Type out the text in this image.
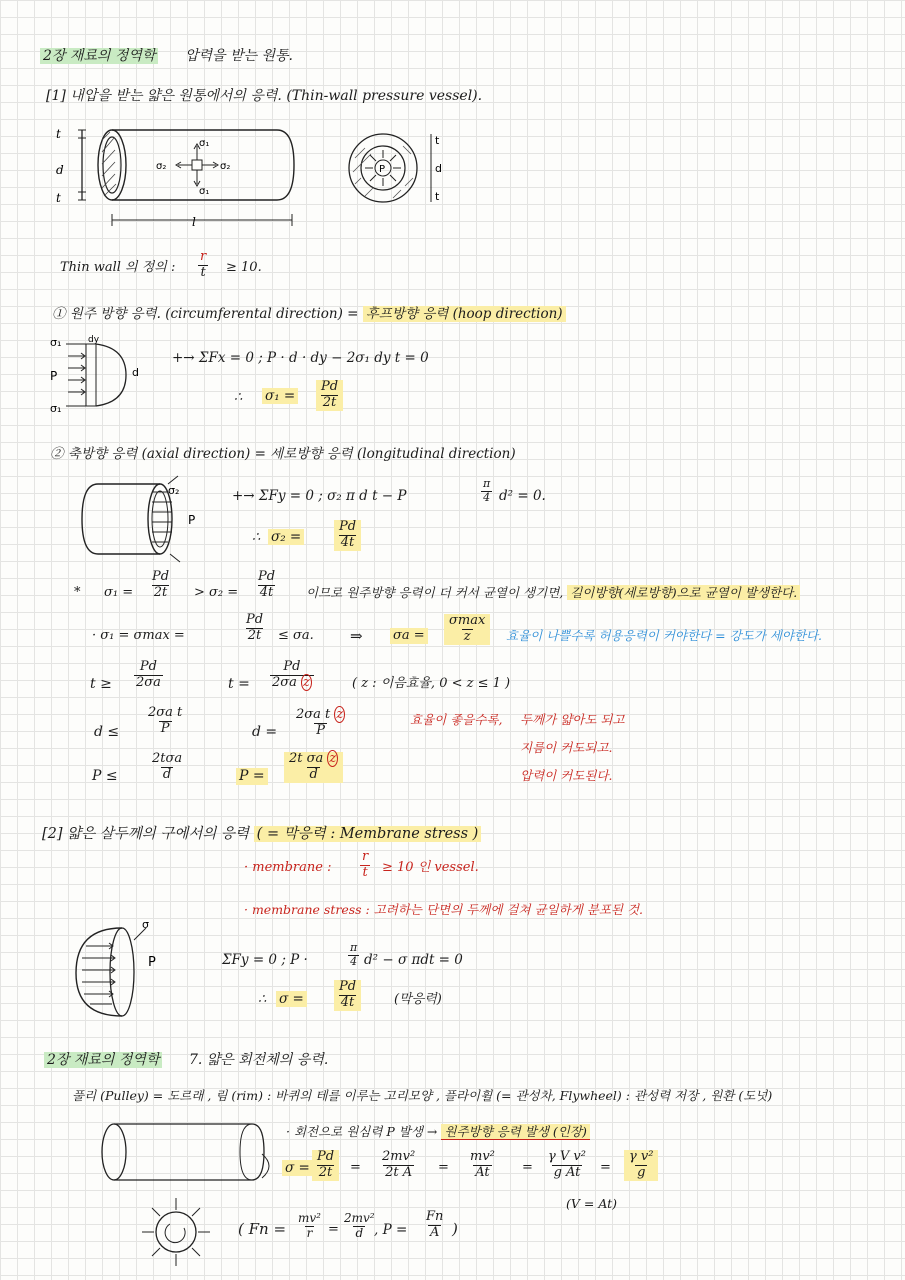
2장 재료의 정역학 압력을 받는 원통.
[1] 내압을 받는 얇은 원통에서의 응력. (Thin-wall pressure vessel).
t
d
t
σ₁
σ₁
σ₂
σ₂
l
P
t
d
t
Thin wall 의 정의 : $\frac{r}{t} \ge 10$.
① 원주 방향 응력. (circumferental direction) = 후프방향 응력 (hoop direction)
σ₁
P
σ₁
dy
d
+→ ΣFx = 0 ; P · d · dy − 2σ₁ dy t = 0
∴ $\sigma_1 = \frac{Pd}{2t}$
② 축방향 응력 (axial direction) = 세로방향 응력 (longitudinal direction)
σ₂
P
+→ ΣFy = 0 ; σ₂ π d t − P	$\frac{\pi}{4} d^2 = 0$.
∴ σ₂ =	$\frac{Pd}{4t}$
* $\sigma_1 = \frac{Pd}{2t} > \sigma_2 = \frac{Pd}{4t}$ 이므로 원주방향 응력이 더 커서 균열이 생기면, 길이방향(세로방향)으로 균열이 발생한다.
· σ₁ = σmax =	$\frac{Pd}{2t} \le \sigma a$. ⇒ σa =
σmax
z	효율이 나쁠수록 허용응력이 커야한다 = 강도가 세야한다.
$t \ge \frac{Pd}{2\sigma a}$	$t = \frac{Pd}{\text{2σa z}}$	( z : 이음효율, 0 < z ≤ 1 )
$d \le \frac{\text{2σa t}}{P}$	$d = \frac{\text{2σa t z}}{P}$
P ≤
2tσa
d	$P = \frac{\text{2t σa z}}{d}$
효율이 좋을수록, 두께가 얇아도 되고
지름이 커도되고.
압력이 커도된다.
[2] 얇은 살두께의 구에서의 응력 ( = 막응력 : Membrane stress )
· membrane : $\frac{r}{t} \ge 10$ 인 vessel.
· membrane stress : 고려하는 단면의 두께에 걸쳐 균일하게 분포된 것.
σ
P	ΣFy = 0 ; P ·	$\frac{\pi}{4} d^2 - \sigma$ πdt = 0
∴ $\sigma = \frac{Pd}{4t}$	(막응력)
2장 재료의 정역학 7. 얇은 회전체의 응력.
풀리 (Pulley) = 도르래 , 림 (rim) : 바퀴의 테를 이루는 고리모양 , 플라이휠 (= 관성차, Flywheel) : 관성력 저장 , 원환 (도넛)
· 회전으로 원심력 P 발생 → 원주방향 응력 발생 (인장)
$\sigma = \frac{Pd}{2t} = \frac{\text{2mv²}}{\text{2t A}} = \frac{\text{mv²}}{At} = \frac{\text{γ V v²}}{\text{g At}} = \frac{\text{γ v²}}{g}$
(V = At)
( $Fn = \frac{\text{mv²}}{r} = \frac{\text{2mv²}}{d}$
, $P = \frac{Fn}{A}$ )
